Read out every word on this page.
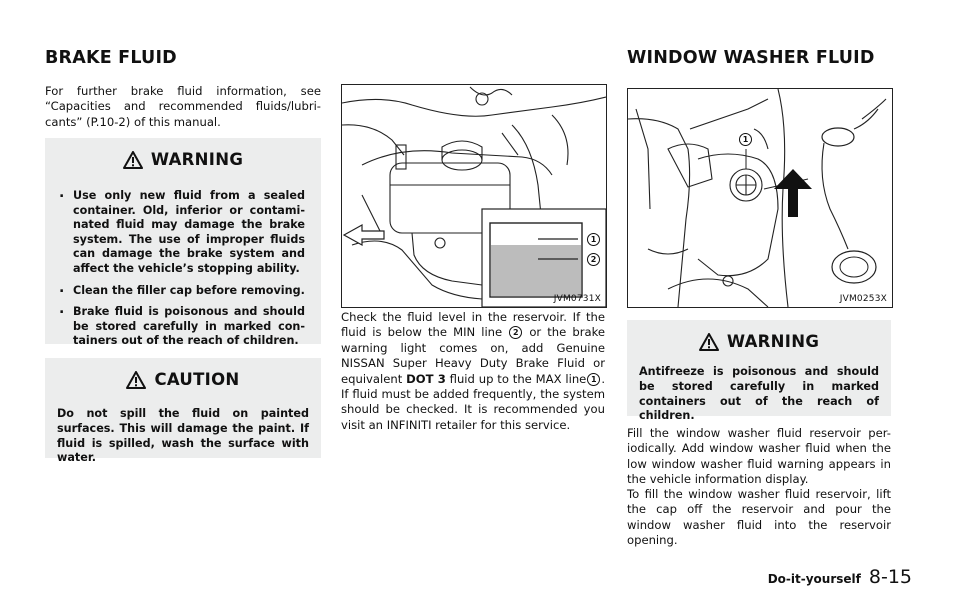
BRAKE FLUID

For further brake fluid information, see “Capacities and recommended fluids/lubri- cants” (P.10-2) of this manual.

WARNING
. Use only new fluid from a sealed container. Old, inferior or contami- nated fluid may damage the brake system. The use of improper fluids can damage the brake system and affect the vehicle’s stopping ability.
. Clean the filler cap before removing.
. Brake fluid is poisonous and should be stored carefully in marked con- tainers out of the reach of children.
CAUTION

Do not spill the fluid on painted surfaces. This will damage the paint. If fluid is spilled, wash the surface with water.

1
2
JVM0731X

Check the fluid level in the reservoir. If the fluid is below the MIN line 2 or the brake warning light comes on, add Genuine NISSAN Super Heavy Duty Brake Fluid or equivalent DOT 3 fluid up to the MAX line 1 . If fluid must be added frequently, the system should be checked. It is recommended you visit an INFINITI retailer for this service.

WINDOW WASHER FLUID
1
JVM0253X
WARNING

Antifreeze is poisonous and should be stored carefully in marked containers out of the reach of children.

Fill the window washer fluid reservoir per- iodically. Add window washer fluid when the low window washer fluid warning appears in the vehicle information display.

To fill the window washer fluid reservoir, lift the cap off the reservoir and pour the window washer fluid into the reservoir opening.

Do-it-yourself 8-15
